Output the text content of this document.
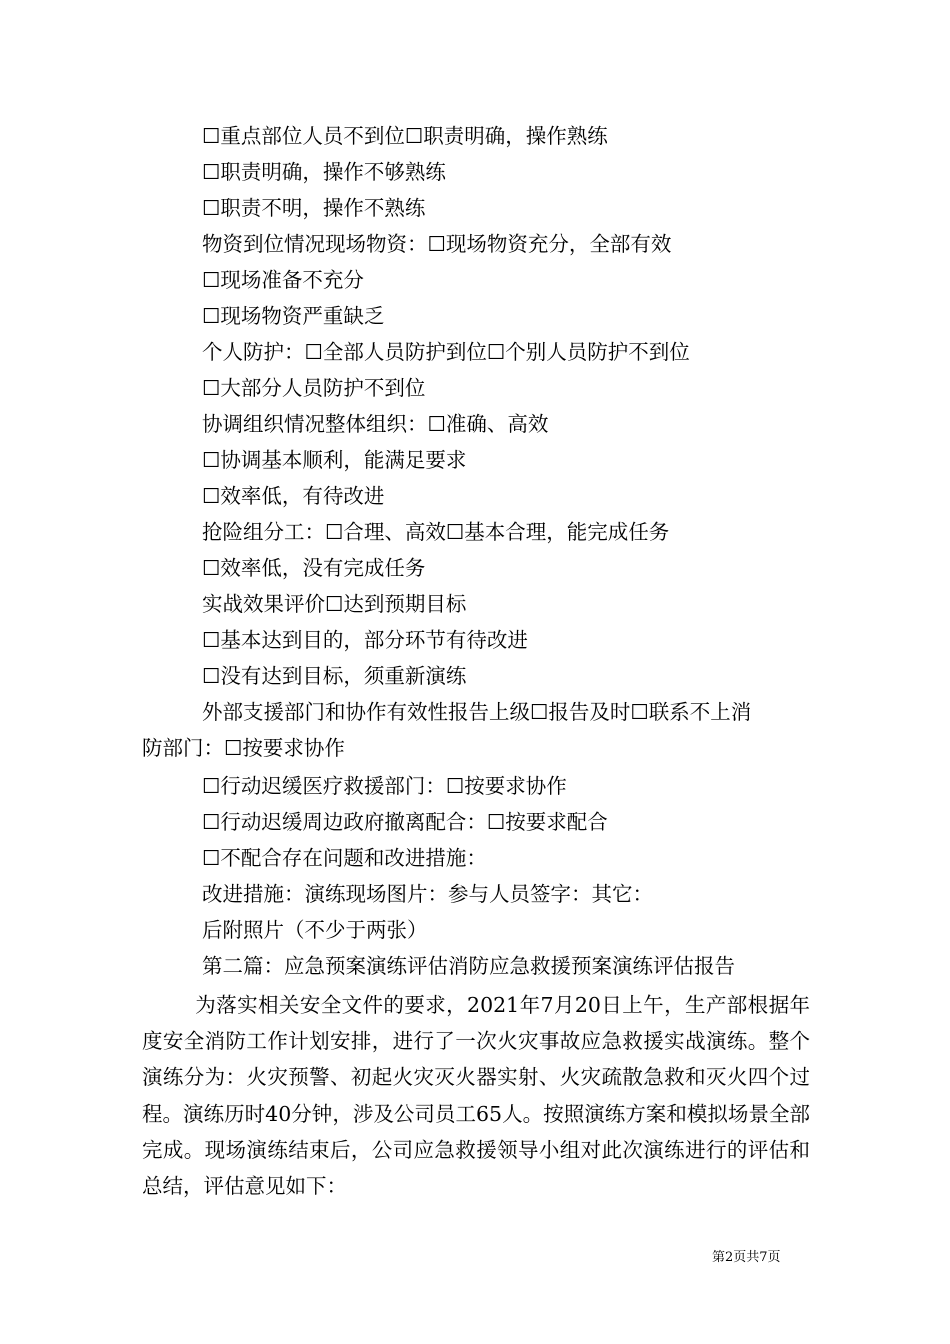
☐重点部位人员不到位☐职责明确，操作熟练
☐职责明确，操作不够熟练
☐职责不明，操作不熟练
物资到位情况现场物资：☐现场物资充分，全部有效
☐现场准备不充分
☐现场物资严重缺乏
个人防护：☐全部人员防护到位☐个别人员防护不到位
☐大部分人员防护不到位
协调组织情况整体组织：☐准确、高效
☐协调基本顺利，能满足要求
☐效率低，有待改进
抢险组分工：☐合理、高效☐基本合理，能完成任务
☐效率低，没有完成任务
实战效果评价☐达到预期目标
☐基本达到目的，部分环节有待改进
☐没有达到目标，须重新演练
外部支援部门和协作有效性报告上级☐报告及时☐联系不上消
防部门：☐按要求协作
☐行动迟缓医疗救援部门：☐按要求协作
☐行动迟缓周边政府撤离配合：☐按要求配合
☐不配合存在问题和改进措施：
改进措施：演练现场图片：参与人员签字：其它：
后附照片（不少于两张）
第二篇：应急预案演练评估消防应急救援预案演练评估报告
为落实相关安全文件的要求，2021年7月20日上午，生产部根据年度安全消防工作计划安排，进行了一次火灾事故应急救援实战演练。整个演练分为：火灾预警、初起火灾灭火器实射、火灾疏散急救和灭火四个过程。演练历时40分钟，涉及公司员工65人。按照演练方案和模拟场景全部完成。现场演练结束后，公司应急救援领导小组对此次演练进行的评估和总结，评估意见如下：
第2页共7页
